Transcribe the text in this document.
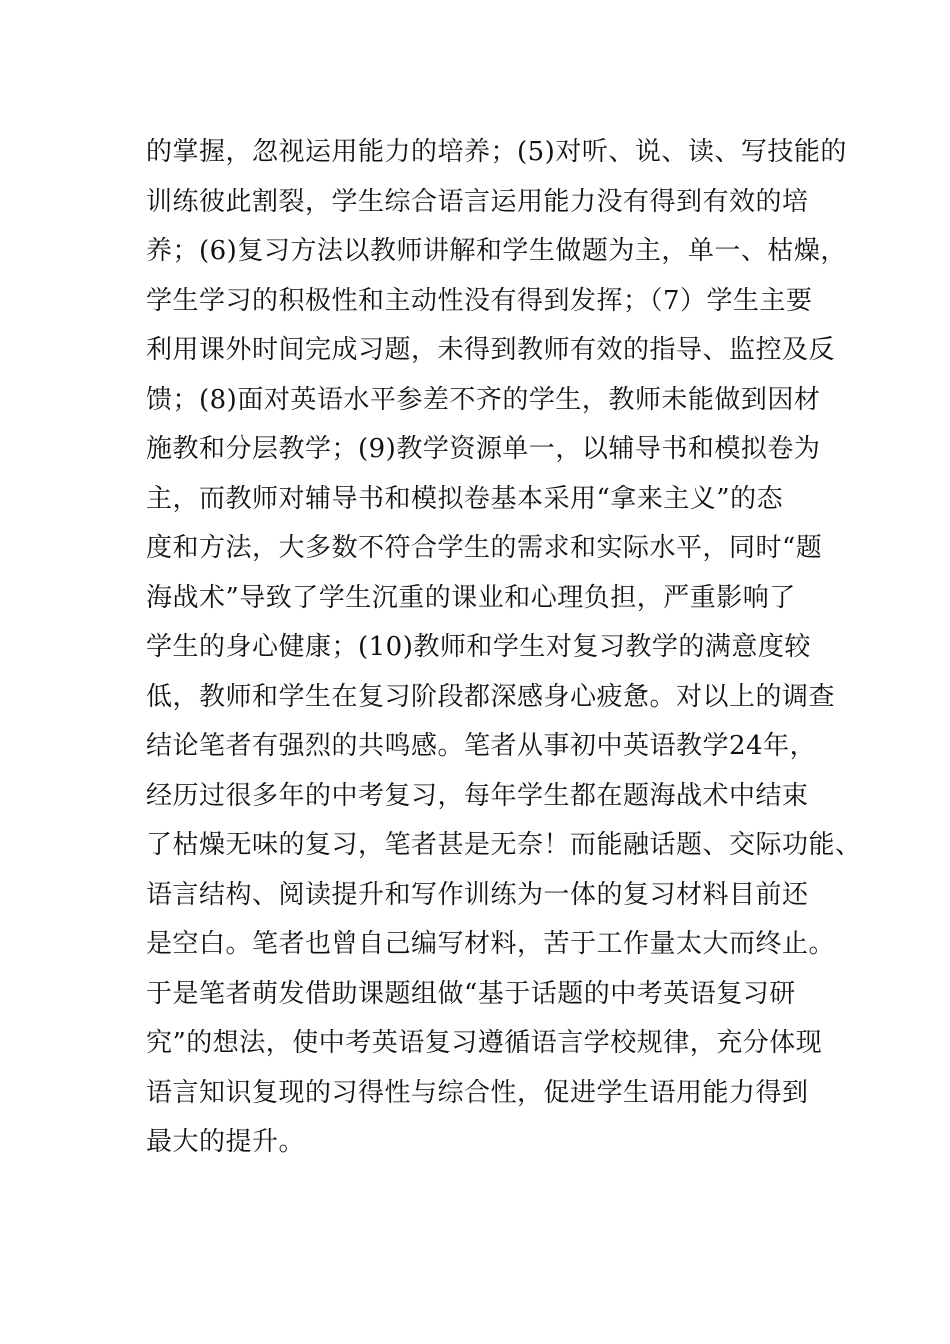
的掌握，忽视运用能力的培养；(5)对听、说、读、写技能的
训练彼此割裂，学生综合语言运用能力没有得到有效的培
养；(6)复习方法以教师讲解和学生做题为主，单一、枯燥，
学生学习的积极性和主动性没有得到发挥；（7）学生主要
利用课外时间完成习题，未得到教师有效的指导、监控及反
馈；(8)面对英语水平参差不齐的学生，教师未能做到因材
施教和分层教学；(9)教学资源单一，以辅导书和模拟卷为
主，而教师对辅导书和模拟卷基本采用“拿来主义”的态
度和方法，大多数不符合学生的需求和实际水平，同时“题
海战术”导致了学生沉重的课业和心理负担，严重影响了
学生的身心健康；(10)教师和学生对复习教学的满意度较
低，教师和学生在复习阶段都深感身心疲惫。对以上的调查
结论笔者有强烈的共鸣感。笔者从事初中英语教学24年，
经历过很多年的中考复习，每年学生都在题海战术中结束
了枯燥无味的复习，笔者甚是无奈！而能融话题、交际功能、
语言结构、阅读提升和写作训练为一体的复习材料目前还
是空白。笔者也曾自己编写材料，苦于工作量太大而终止。
于是笔者萌发借助课题组做“基于话题的中考英语复习研
究”的想法，使中考英语复习遵循语言学校规律，充分体现
语言知识复现的习得性与综合性，促进学生语用能力得到
最大的提升。
